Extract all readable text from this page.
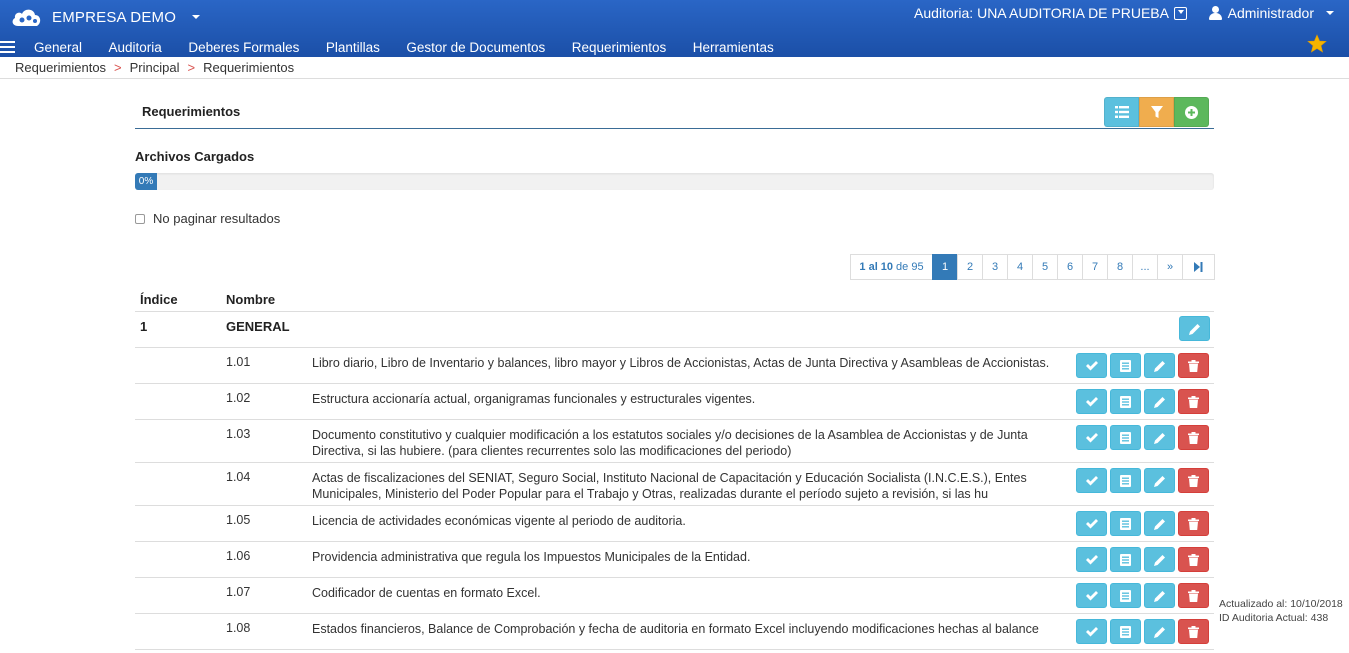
EMPRESA DEMO	Auditoria: UNA AUDITORIA DE PRUEBA	Administrador
General Auditoria Deberes Formales Plantillas Gestor de Documentos Requerimientos Herramientas
Requerimientos > Principal > Requerimientos
Requerimientos
Archivos Cargados
0%
No paginar resultados
1 al 10 de 95	1	2	3	4	5	6	7	8	...	»
Índice	Nombre
1	GENERAL
1.01	Libro diario, Libro de Inventario y balances, libro mayor y Libros de Accionistas, Actas de Junta Directiva y Asambleas de Accionistas.
1.02	Estructura accionaría actual, organigramas funcionales y estructurales vigentes.
1.03	Documento constitutivo y cualquier modificación a los estatutos sociales y/o decisiones de la Asamblea de Accionistas y de Junta Directiva, si las hubiere. (para clientes recurrentes solo las modificaciones del periodo)
1.04	Actas de fiscalizaciones del SENIAT, Seguro Social, Instituto Nacional de Capacitación y Educación Socialista (I.N.C.E.S.), Entes Municipales, Ministerio del Poder Popular para el Trabajo y Otras, realizadas durante el período sujeto a revisión, si las hu
1.05	Licencia de actividades económicas vigente al periodo de auditoria.
1.06	Providencia administrativa que regula los Impuestos Municipales de la Entidad.
1.07	Codificador de cuentas en formato Excel.
1.08	Estados financieros, Balance de Comprobación y fecha de auditoria en formato Excel incluyendo modificaciones hechas al balance
Actualizado al: 10/10/2018
ID Auditoria Actual: 438
